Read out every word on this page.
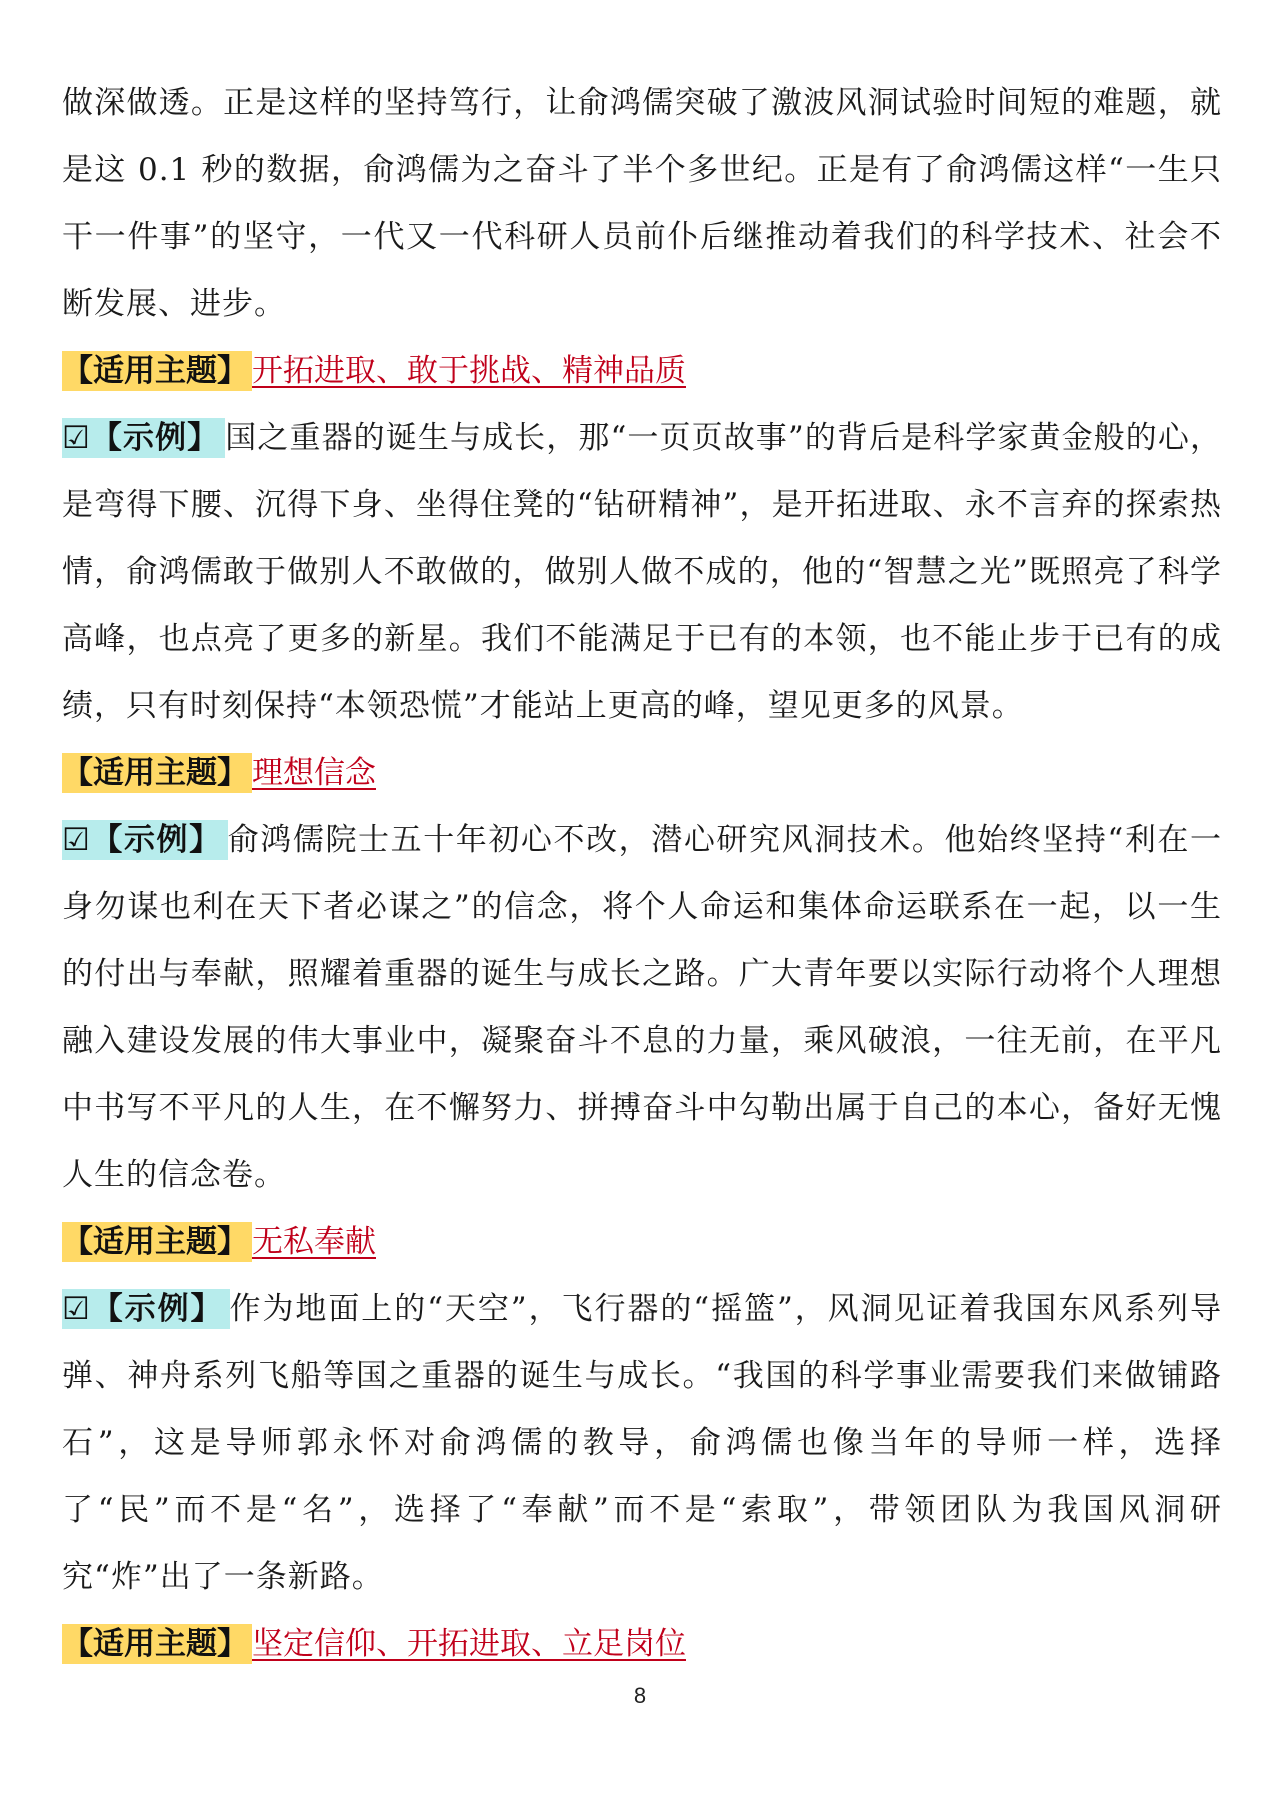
做深做透。正是这样的坚持笃行，让俞鸿儒突破了激波风洞试验时间短的难题，就是这 0.1 秒的数据，俞鸿儒为之奋斗了半个多世纪。正是有了俞鸿儒这样“一生只干一件事”的坚守，一代又一代科研人员前仆后继推动着我们的科学技术、社会不断发展、进步。

【适用主题】 开拓进取、敢于挑战、精神品质

☑【示例】 国之重器的诞生与成长，那“一页页故事”的背后是科学家黄金般的心，是弯得下腰、沉得下身、坐得住凳的“钻研精神”，是开拓进取、永不言弃的探索热情，俞鸿儒敢于做别人不敢做的，做别人做不成的，他的“智慧之光”既照亮了科学高峰，也点亮了更多的新星。我们不能满足于已有的本领，也不能止步于已有的成绩，只有时刻保持“本领恐慌”才能站上更高的峰，望见更多的风景。

【适用主题】 理想信念

☑【示例】 俞鸿儒院士五十年初心不改，潜心研究风洞技术。他始终坚持“利在一身勿谋也利在天下者必谋之”的信念，将个人命运和集体命运联系在一起，以一生的付出与奉献，照耀着重器的诞生与成长之路。广大青年要以实际行动将个人理想融入建设发展的伟大事业中，凝聚奋斗不息的力量，乘风破浪，一往无前，在平凡中书写不平凡的人生，在不懈努力、拼搏奋斗中勾勒出属于自己的本心，备好无愧人生的信念卷。

【适用主题】 无私奉献

☑【示例】 作为地面上的“天空”，飞行器的“摇篮”，风洞见证着我国东风系列导弹、神舟系列飞船等国之重器的诞生与成长。“我国的科学事业需要我们来做铺路石”，这是导师郭永怀对俞鸿儒的教导，俞鸿儒也像当年的导师一样，选择了“民”而不是“名”，选择了“奉献”而不是“索取”，带领团队为我国风洞研究“炸”出了一条新路。

【适用主题】 坚定信仰、开拓进取、立足岗位

8
